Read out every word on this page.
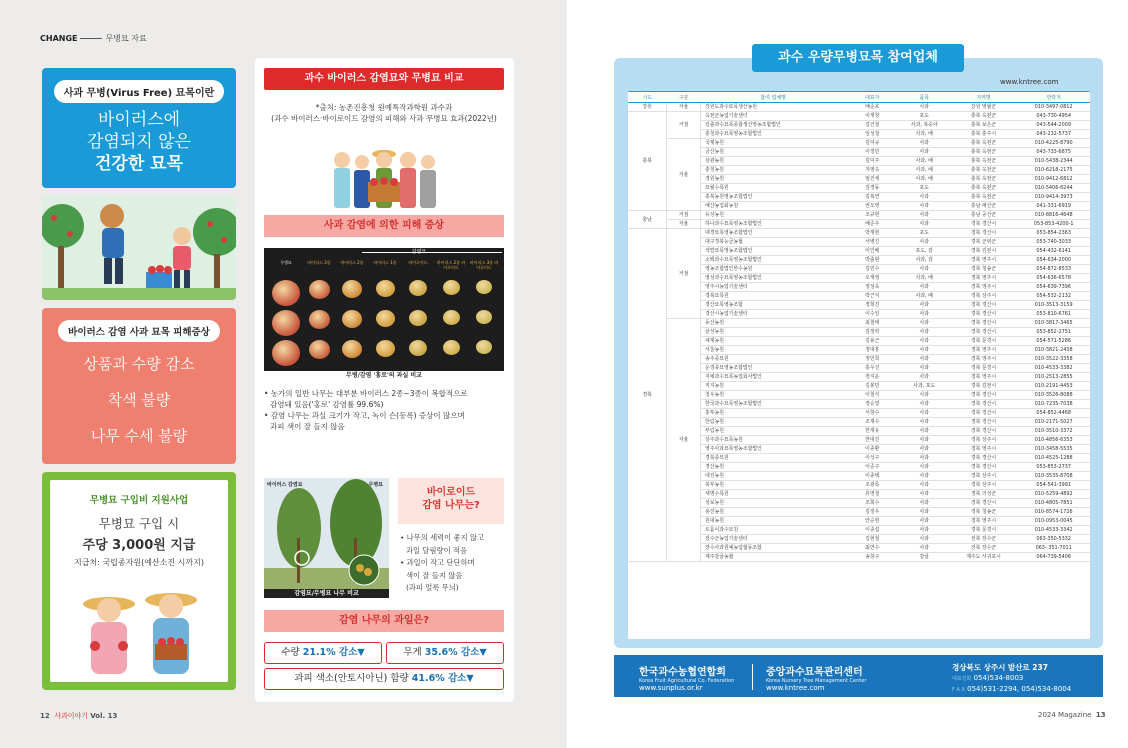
CHANGE	무병묘 자료
사과 무병(Virus Free) 묘목이란
바이러스에
감염되지 않은
건강한 묘목
바이러스 감염 사과 묘목 피해증상
상품과 수량 감소
착색 불량
나무 수세 불량
무병묘 구입비 지원사업
무병묘 구입 시
주당 3,000원 지급
지급처: 국립종자원(예산소진 시까지)
과수 바이러스 감염묘와 무병묘 비교
*출처: 농촌진흥청 원예특작과학원 과수과
(과수 바이러스·바이로이드 감염의 피해와 사과 무병묘 효과(2022년)
사과 감염에 의한 피해 증상
감염묘
무병묘	바이러스 3종	바이러스 2종	바이러스 1종	바이로이드	바이러스 2종 바이로이드
바이러스 3종 바이로이드
무병/감염 '홍로'의 과실 비교
• 농가의 일반 나무는 대부분 바이러스 2종~3종이 복합적으로
감염돼 있음('홍로' 감염률 99.6%)
• 감염 나무는 과실 크기가 작고, 녹이 슨(동록) 증상이 많으며
과피 색이 잘 들지 않음
바이러스 감염묘	무병묘
감염묘/무병묘 나무 비교
바이로이드
감염 나무는?
• 나무의 세력이 좋지 않고
과일 달림량이 적음
• 과일이 작고 단단하며
색이 잘 들지 않음
(과피 얼룩 무늬)
감염 나무의 과일은?
수량 21.1% 감소▼	무게 35.6% 감소▼
과피 색소(안토시아닌) 함량 41.6% 감소▼
12 사과이야기 Vol. 13
과수 우량무병묘목 참여업체
www.kntree.com
시도	구분	참여 업체명	대표자	품목	지역명	연락처
강원	자율	강원도과수묘목생산농원	배준호	사과	강원 영월군	010-3497-0812
충북	거점	옥천군농업기술센터	이재창	포도	충북 옥천군	043-730-4954
		일출과수묘목종합생산영농조합법인	김건철	사과, 복숭아	충북 보은군	043-544-2009
		충청과수묘목영농조합법인	임성철	사과, 배	충북 충주시	043-232-5737
	자율	국제농원	김덕규	사과	충북 옥천군	010-4225-8790
		금산농원	이정민	사과	충북 옥천군	043-733-6875
		삼관농원	김덕주	사과, 배	충북 옥천군	010-5438-2344
		충청농원	지영옥	사과, 배	충북 옥천군	010-6218-2175
		경원농원	엄진세	사과, 배	충북 옥천군	010-9412-6812
		묘월수목원	김경동	포도	충북 옥천군	010-5406-6244
		충북농원영농조합법인	김복연	사과	충북 옥천군	010-9414-3973
		예산농업회농원	권오영	사과	충남 예산군	041-331-6919
충남	거점	유성농원	조규현	사과	충남 공산군	010-8816-4648
	자율	하나과수묘목영농조합법인	배준우	사과	경북 경산시	053-853-4200-1
경북	거점	대경묘목영농조합법인	박재현	포도	경북 경산시	053-854-2363
		대구경북능금농협	서병진	사과	경북 군위군	053-740-3033
		색깔묘목영농조합법인	이인배	포도, 감	경북 김천시	054-432-6141
		소백과수묘목영농조합법인	박출현	사과, 감	경북 영주시	054-634-2000
		영농조합법인한수농원	김민수	사과	경북 청송군	054-872-8533
		영성과수묘목영농조합법인	오재영	사과, 배	경북 영주시	054-636-6578
		영주시농업기술센터	정성욱	사과	경북 영주시	054-639-7396
		경북묘목원	박근식	사과, 배	경북 상주시	054-532-2132
		경산묘목영농조합	정희진	사과	경북 경산시	010-3513-3159
		경산시농업기술센터	이수일	사과	경북 경산시	053-810-6761
	자율	동산농원	최철태	사과	경북 경산시	010-3817-3465
		삼성농원	김정락	사과	경북 경산시	053-852-2751
		새재농원	김용근	사과	경북 문경시	054-571-5286
		서울농원	정대흥	사과	경북 영주시	010-3821-2438
		송주종묘원	정민희	사과	경북 영주시	010-3522-3358
		운경종묘영농조합법인	홍우진	사과	경북 문경시	010-4533-3382
		지예과수묘목농업회사법인	장지운	사과	경북 영주시	010-2513-2855
		직지농원	김봉민	사과, 포도	경북 김천시	010-2191-4453
		청우농원	이철식	사과	경북 경산시	010-3526-8088
		한국과수묘목영농조합법인	정승열	사과	경북 경산시	010-7235-7038
		홍투농원	서창수	사과	경북 경산시	054-852-4468
		한림농원	조재수	사과	경북 경산시	010-2171-5027
		부림농원	한재유	사과	경북 경산시	010-3510-3372
		상주과수묘목농원	한대진	사과	경북 상주시	010-4856-6353
		영주사과묘목영농조합법인	이종환	사과	경북 영주시	010-3458-5535
		경북종묘원	이석구	사과	경북 경산시	010-4525-1288
		경산농원	이준구	사과	경북 경산시	053-853-2737
		대진농원	이종택	사과	경북 상주시	010-3535-8708
		북부농원	조광록	사과	경북 상주시	054-541-3991
		새명수목원	류영철	사과	경북 의성군	010-5259-4892
		성보농원	조희수	사과	경북 경산시	010-4805-7851
		용진농원	김정우	사과	경북 청송군	010-8574-1726
		원대농원	안승현	사과	경북 영주시	010-0953-0045
		트롬이과수묘원	이종섭	사과	경북 문경시	010-4533-3342
		장수군농업기술센터	김현철	사과	전북 장수군	063-350-5332
		장수사과원예농업협동조합	최연수	사과	전북 장수군	063- 351-7011
		제주감귤농협	송창구	감귤	제주도 서귀포시	064-739-5406
한국과수농협연합회
Korea Fruit Agricultural Co. Federation
www.sunplus.or.kr
중앙과수묘목관리센터
Korea Nursery Tree Management Center
www.kntree.com
경상북도 상주시 발산로 237
대표전화 054)534-8003
F A X 054)531-2294, 054)534-8004
2024 Magazine 13
